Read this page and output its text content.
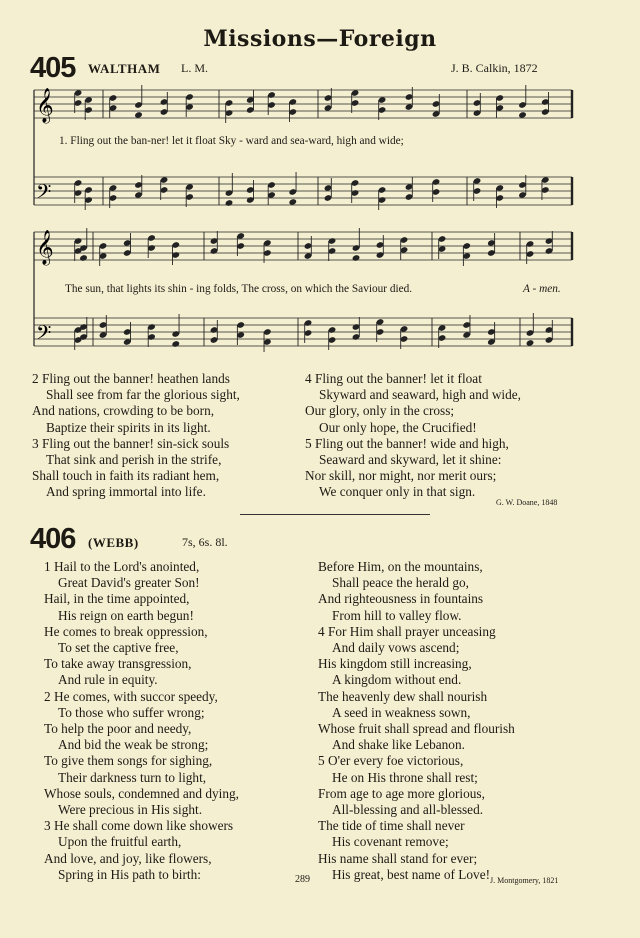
Missions—Foreign
405 WALTHAM L. M.	J. B. Calkin, 1872
𝄞
𝄢
𝄞
𝄢
1. Fling out the ban-ner! let it float Sky - ward and sea-ward, high and wide;
The sun, that lights its shin - ing folds, The cross, on which the Saviour died.	A - men.
2 Fling out the banner! heathen lands
Shall see from far the glorious sight,
And nations, crowding to be born,
Baptize their spirits in its light.
3 Fling out the banner! sin-sick souls
That sink and perish in the strife,
Shall touch in faith its radiant hem,
And spring immortal into life.
4 Fling out the banner! let it float
Skyward and seaward, high and wide,
Our glory, only in the cross;
Our only hope, the Crucified!
5 Fling out the banner! wide and high,
Seaward and skyward, let it shine:
Nor skill, nor might, nor merit ours;
We conquer only in that sign.
G. W. Doane, 1848
406 (WEBB)	7s, 6s. 8l.
1 Hail to the Lord's anointed,
Great David's greater Son!
Hail, in the time appointed,
His reign on earth begun!
He comes to break oppression,
To set the captive free,
To take away transgression,
And rule in equity.
2 He comes, with succor speedy,
To those who suffer wrong;
To help the poor and needy,
And bid the weak be strong;
To give them songs for sighing,
Their darkness turn to light,
Whose souls, condemned and dying,
Were precious in His sight.
3 He shall come down like showers
Upon the fruitful earth,
And love, and joy, like flowers,
Spring in His path to birth:
Before Him, on the mountains,
Shall peace the herald go,
And righteousness in fountains
From hill to valley flow.
4 For Him shall prayer unceasing
And daily vows ascend;
His kingdom still increasing,
A kingdom without end.
The heavenly dew shall nourish
A seed in weakness sown,
Whose fruit shall spread and flourish
And shake like Lebanon.
5 O'er every foe victorious,
He on His throne shall rest;
From age to age more glorious,
All-blessing and all-blessed.
The tide of time shall never
His covenant remove;
His name shall stand for ever;
His great, best name of Love! J. Montgomery, 1821
289
